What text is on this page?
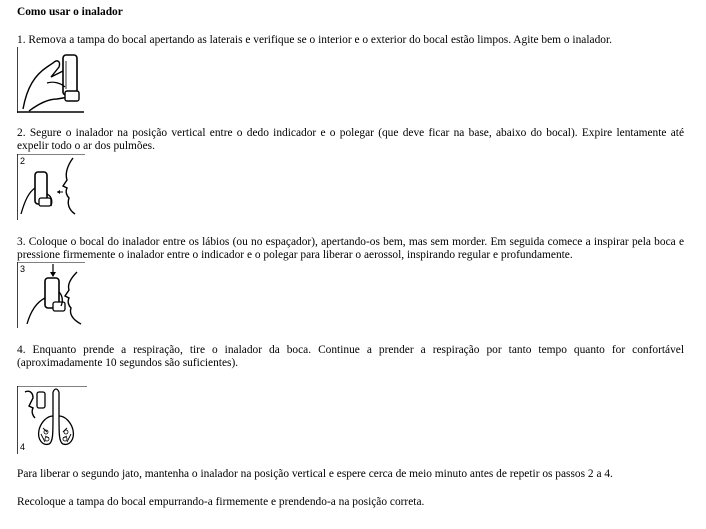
Como usar o inalador
1. Remova a tampa do bocal apertando as laterais e verifique se o interior e o exterior do bocal estão limpos. Agite bem o inalador.
2. Segure o inalador na posição vertical entre o dedo indicador e o polegar (que deve ficar na base, abaixo do bocal). Expire lentamente até expelir todo o ar dos pulmões.
2
3. Coloque o bocal do inalador entre os lábios (ou no espaçador), apertando-os bem, mas sem morder. Em seguida comece a inspirar pela boca e pressione firmemente o inalador entre o indicador e o polegar para liberar o aerossol, inspirando regular e profundamente.
3
4. Enquanto prende a respiração, tire o inalador da boca. Continue a prender a respiração por tanto tempo quanto for confortável (aproximadamente 10 segundos são suficientes).
4
Para liberar o segundo jato, mantenha o inalador na posição vertical e espere cerca de meio minuto antes de repetir os passos 2 a 4.
Recoloque a tampa do bocal empurrando-a firmemente e prendendo-a na posição correta.
